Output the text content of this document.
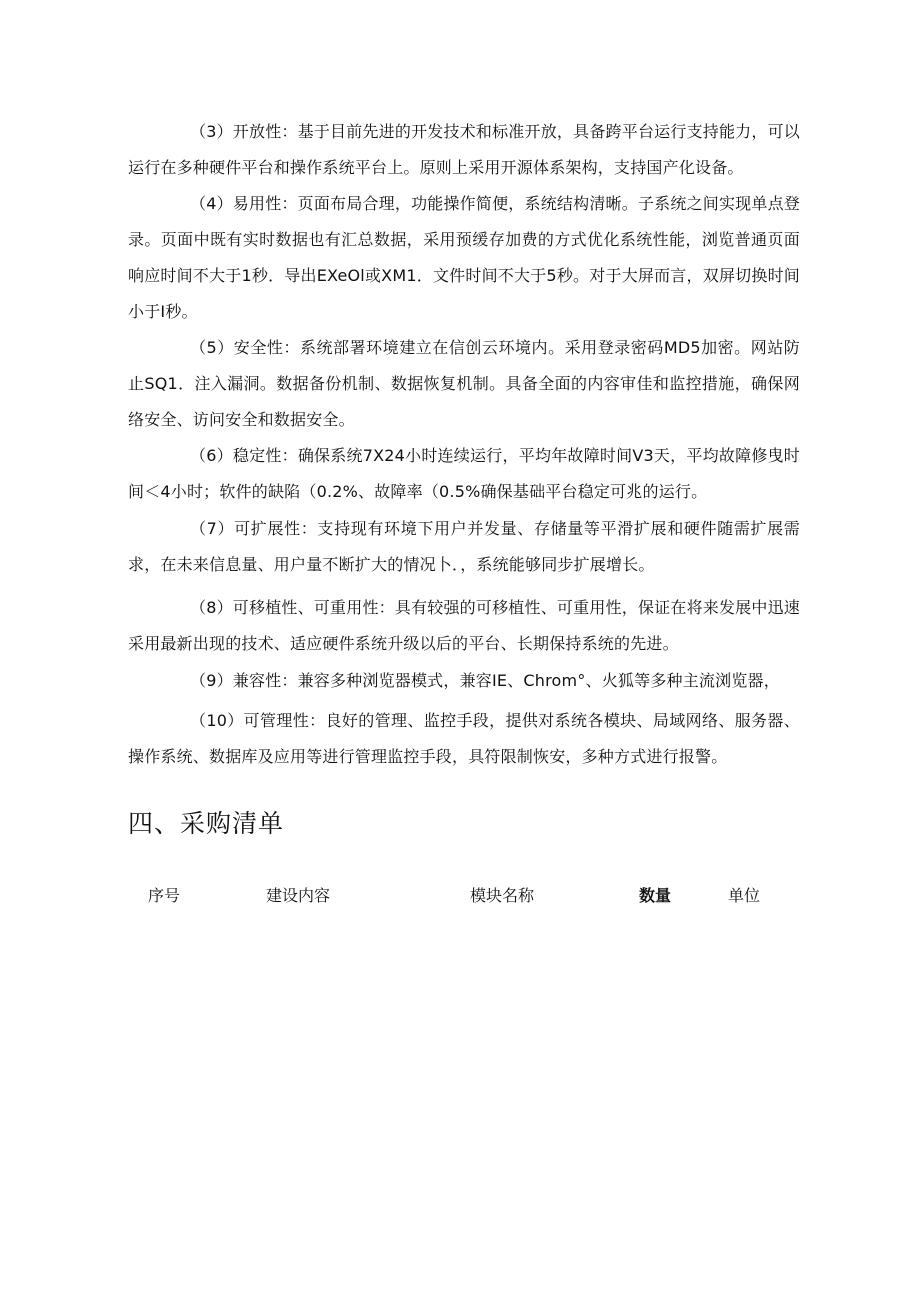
（3）开放性：基于目前先进的开发技术和标准开放，具备跨平台运行支持能力，可以运行在多种硬件平台和操作系统平台上。原则上采用开源体系架构，支持国产化设备。

（4）易用性：页面布局合理，功能操作简便，系统结构清晰。子系统之间实现单点登录。页面中既有实时数据也有汇总数据，采用预缓存加费的方式优化系统性能，浏览普通页面响应时间不大于1秒．导出EXeOl或XM1．文件时间不大于5秒。对于大屏而言，双屏切换时间小于I秒。

（5）安全性：系统部署环境建立在信创云环境内。采用登录密码MD5加密。网站防止SQ1．注入漏洞。数据备份机制、数据恢复机制。具备全面的内容审佳和监控措施，确保网络安全、访问安全和数据安全。

（6）稳定性：确保系统7X24小时连续运行，平均年故障时间V3天，平均故障修曳时间＜4小时；软件的缺陷（0.2%、故障率（0.5%确保基础平台稳定可兆的运行。

（7）可扩展性：支持现有环境下用户并发量、存储量等平滑扩展和硬件随需扩展需求，在未来信息量、用户量不断扩大的情况卜．，系统能够同步扩展增长。

（8）可移植性、可重用性：具有较强的可移植性、可重用性，保证在将来发展中迅速采用最新出现的技术、适应硬件系统升级以后的平台、长期保持系统的先进。

（9）兼容性：兼容多种浏览器模式，兼容IE、Chrom°、火狐等多种主流浏览器，

（10）可管理性：良好的管理、监控手段，提供对系统各模块、局域网络、服务器、操作系统、数据库及应用等进行管理监控手段，具符限制恢安，多种方式进行报警。

四、采购清单
序号	建设内容	模块名称	数量	单位
